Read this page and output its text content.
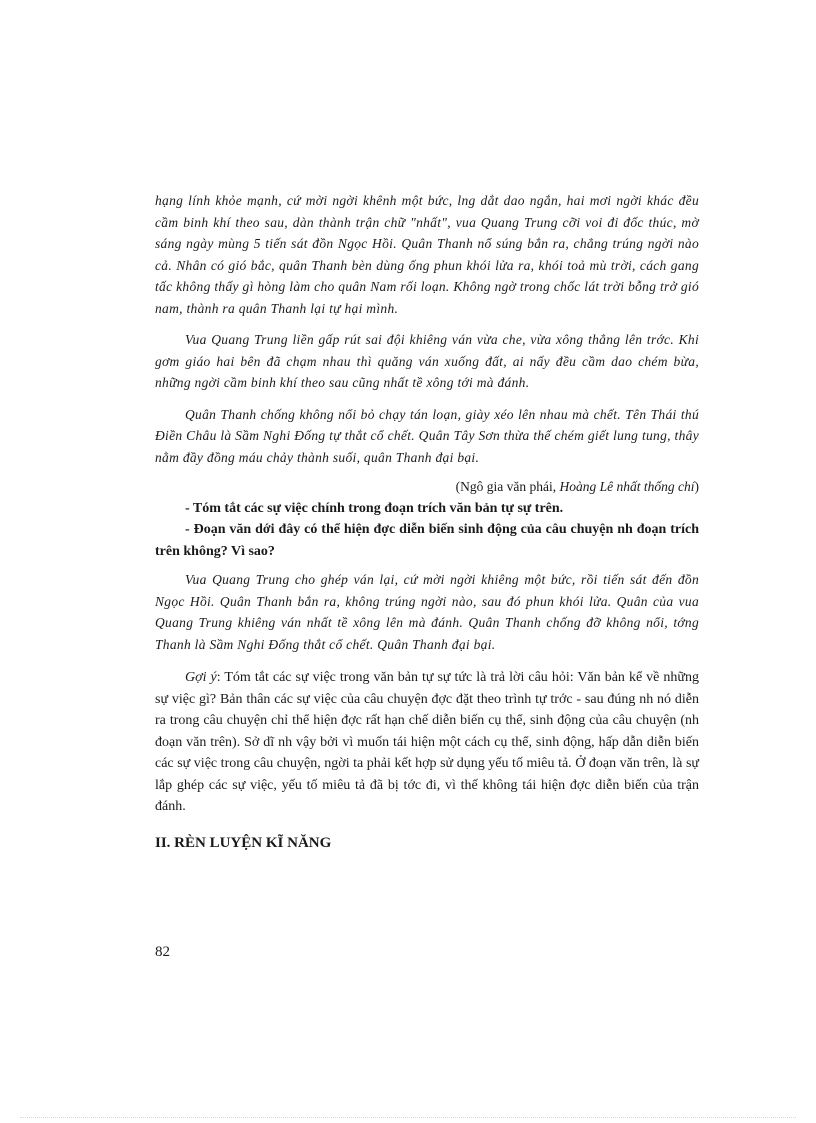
hạng lính khỏe mạnh, cứ mời ngời khênh một bức, lng dắt dao ngắn, hai mơi ngời khác đều cầm binh khí theo sau, dàn thành trận chữ "nhất", vua Quang Trung cỡi voi đi đốc thúc, mờ sáng ngày mùng 5 tiến sát đồn Ngọc Hồi. Quân Thanh nổ súng bắn ra, chẳng trúng ngời nào cả. Nhân có gió bắc, quân Thanh bèn dùng ống phun khói lửa ra, khói toả mù trời, cách gang tấc không thấy gì hòng làm cho quân Nam rối loạn. Không ngờ trong chốc lát trời bỗng trở gió nam, thành ra quân Thanh lại tự hại mình.

Vua Quang Trung liền gấp rút sai đội khiêng ván vừa che, vừa xông thẳng lên trớc. Khi gơm giáo hai bên đã chạm nhau thì quăng ván xuống đất, ai nấy đều cầm dao chém bừa, những ngời cầm binh khí theo sau cũng nhất tề xông tới mà đánh.

Quân Thanh chống không nổi bỏ chạy tán loạn, giày xéo lên nhau mà chết. Tên Thái thú Điền Châu là Sầm Nghi Đống tự thắt cổ chết. Quân Tây Sơn thừa thế chém giết lung tung, thây nằm đầy đồng máu chảy thành suối, quân Thanh đại bại.

(Ngô gia văn phái, Hoàng Lê nhất thống chí)

- Tóm tắt các sự việc chính trong đoạn trích văn bản tự sự trên.

- Đoạn văn dới đây có thể hiện đợc diễn biến sinh động của câu chuyện nh đoạn trích trên không? Vì sao?

Vua Quang Trung cho ghép ván lại, cứ mời ngời khiêng một bức, rồi tiến sát đến đồn Ngọc Hồi. Quân Thanh bắn ra, không trúng ngời nào, sau đó phun khói lửa. Quân của vua Quang Trung khiêng ván nhất tề xông lên mà đánh. Quân Thanh chống đỡ không nổi, tớng Thanh là Sầm Nghi Đống thắt cổ chết. Quân Thanh đại bại.

Gợi ý: Tóm tắt các sự việc trong văn bản tự sự tức là trả lời câu hỏi: Văn bản kể về những sự việc gì? Bản thân các sự việc của câu chuyện đợc đặt theo trình tự trớc - sau đúng nh nó diễn ra trong câu chuyện chỉ thể hiện đợc rất hạn chế diễn biến cụ thể, sinh động của câu chuyện (nh đoạn văn trên). Sở dĩ nh vậy bởi vì muốn tái hiện một cách cụ thể, sinh động, hấp dẫn diễn biến các sự việc trong câu chuyện, ngời ta phải kết hợp sử dụng yếu tố miêu tả. Ở đoạn văn trên, là sự lắp ghép các sự việc, yếu tố miêu tả đã bị tớc đi, vì thế không tái hiện đợc diễn biến của trận đánh.

II. RÈN LUYỆN KĨ NĂNG

82
